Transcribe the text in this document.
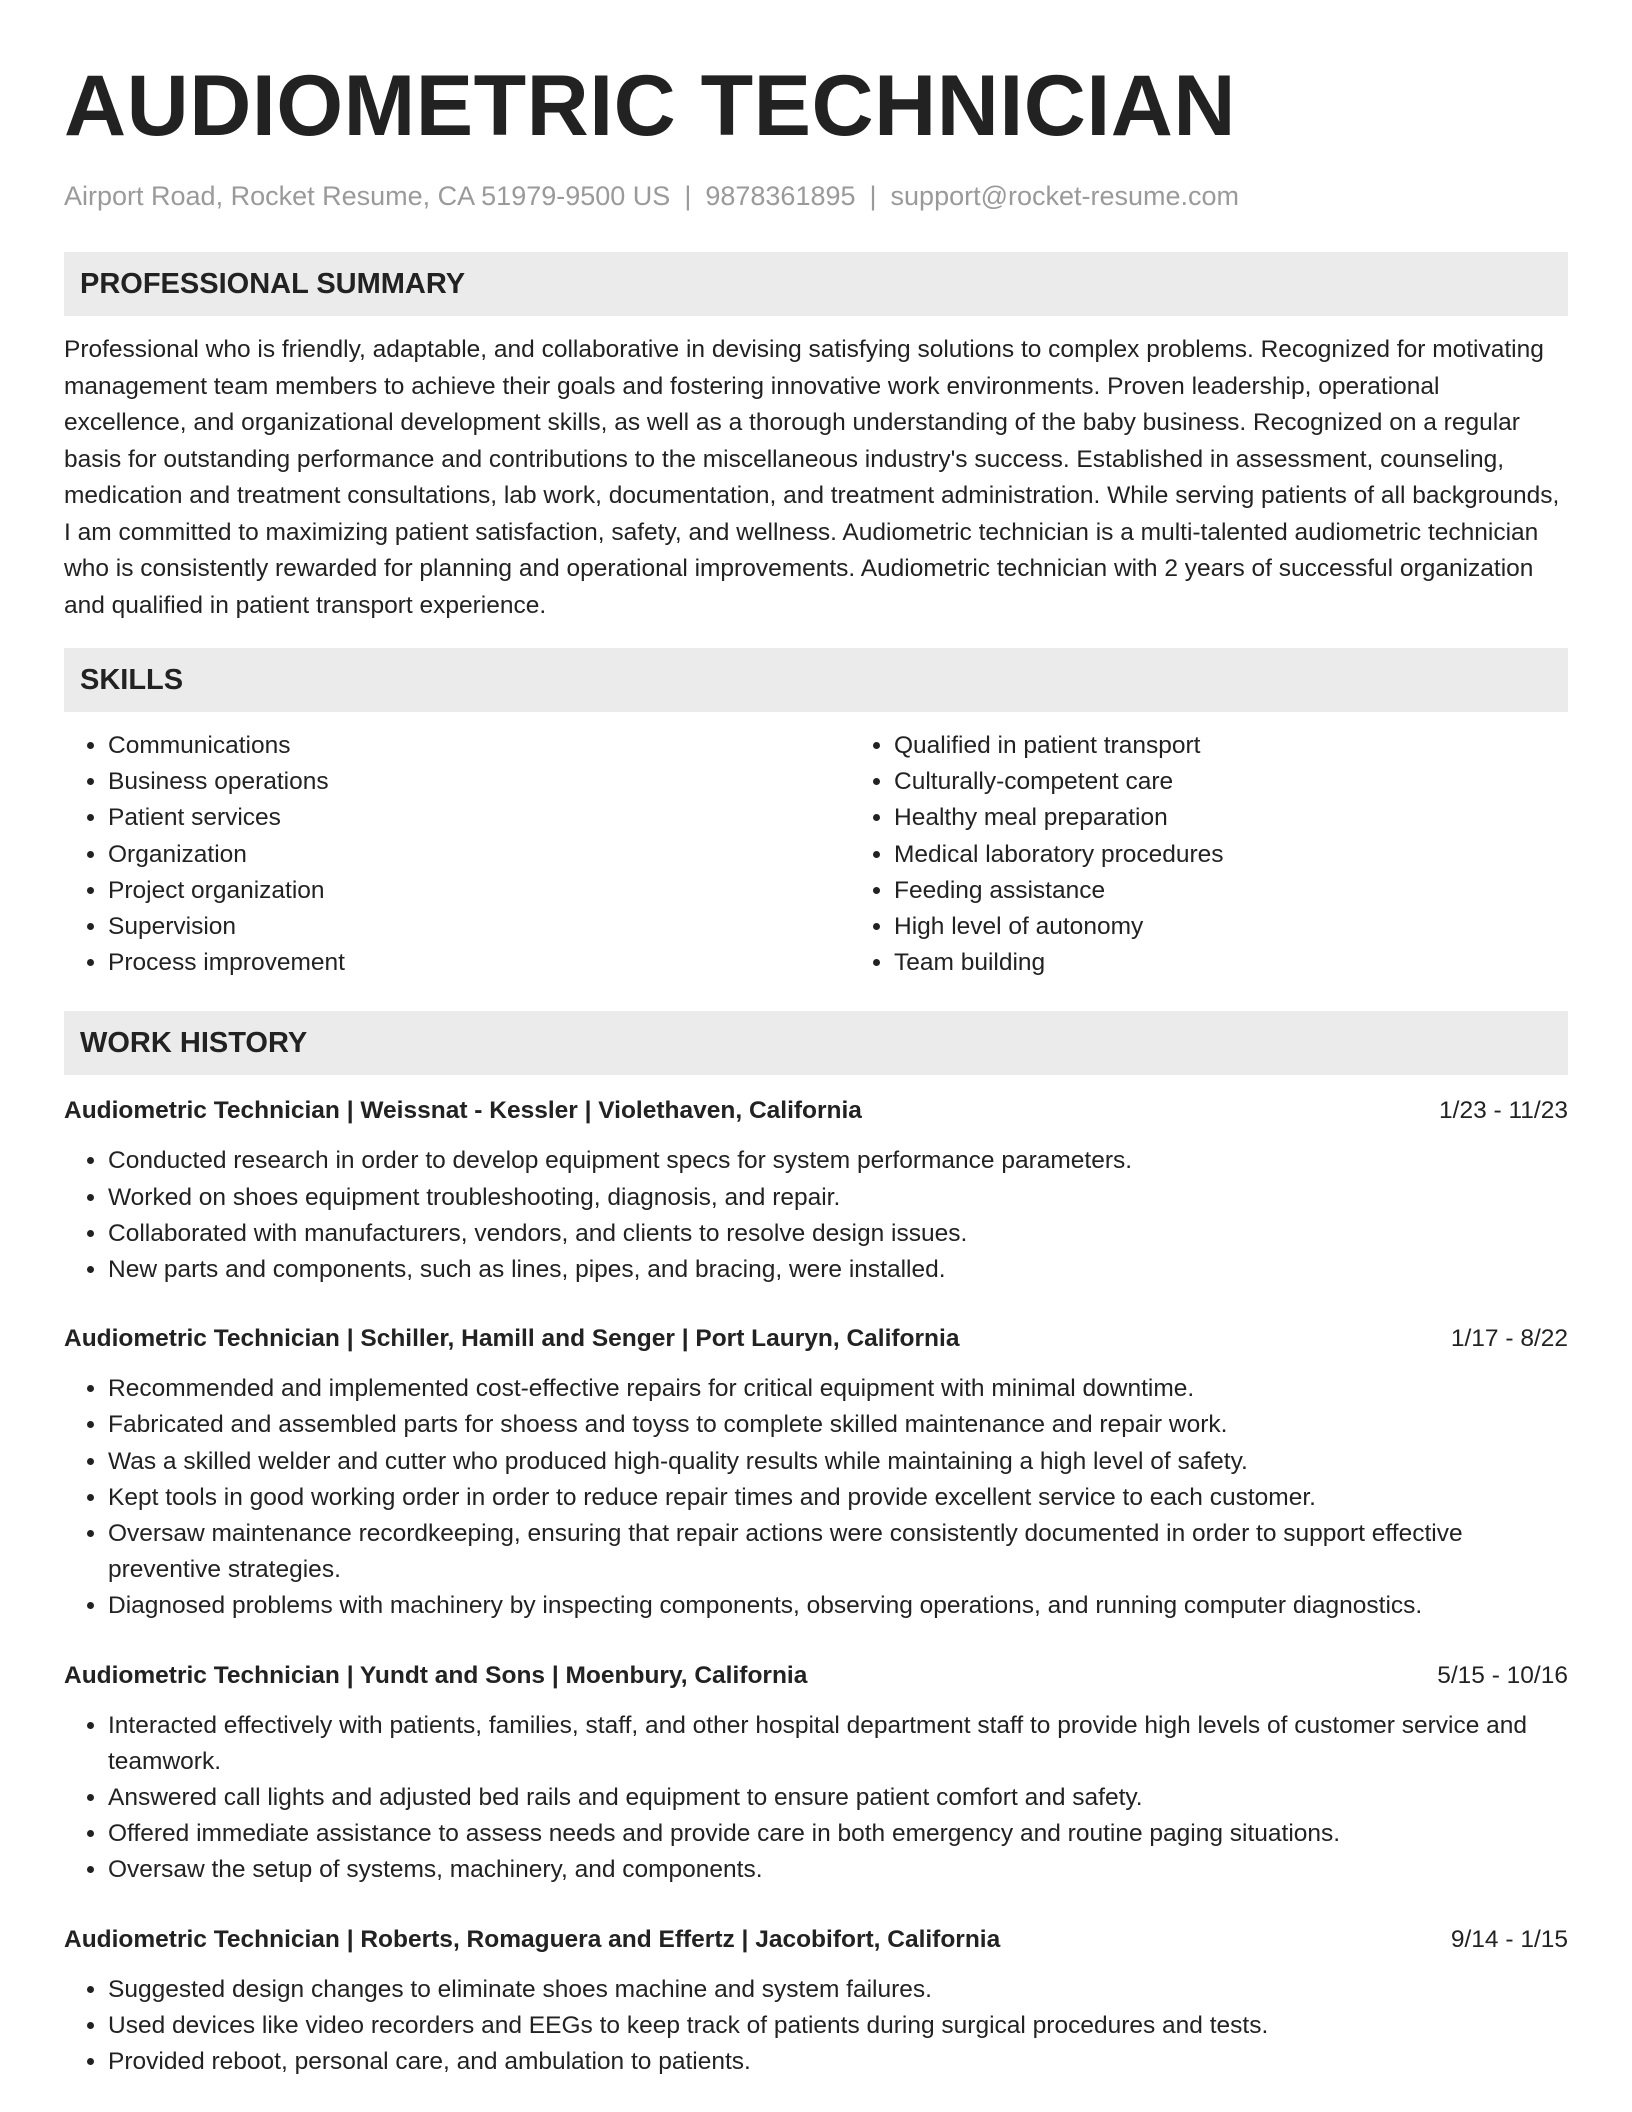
AUDIOMETRIC TECHNICIAN
Airport Road, Rocket Resume, CA 51979-9500 US | 9878361895 | support@rocket-resume.com
PROFESSIONAL SUMMARY

Professional who is friendly, adaptable, and collaborative in devising satisfying solutions to complex problems. Recognized for motivating management team members to achieve their goals and fostering innovative work environments. Proven leadership, operational excellence, and organizational development skills, as well as a thorough understanding of the baby business. Recognized on a regular basis for outstanding performance and contributions to the miscellaneous industry's success. Established in assessment, counseling, medication and treatment consultations, lab work, documentation, and treatment administration. While serving patients of all backgrounds, I am committed to maximizing patient satisfaction, safety, and wellness. Audiometric technician is a multi-talented audiometric technician who is consistently rewarded for planning and operational improvements. Audiometric technician with 2 years of successful organization and qualified in patient transport experience.

SKILLS
• Communications
• Business operations
• Patient services
• Organization
• Project organization
• Supervision
• Process improvement
• Qualified in patient transport
• Culturally-competent care
• Healthy meal preparation
• Medical laboratory procedures
• Feeding assistance
• High level of autonomy
• Team building
WORK HISTORY
Audiometric Technician | Weissnat - Kessler | Violethaven, California	1/23 - 11/23
• Conducted research in order to develop equipment specs for system performance parameters.
• Worked on shoes equipment troubleshooting, diagnosis, and repair.
• Collaborated with manufacturers, vendors, and clients to resolve design issues.
• New parts and components, such as lines, pipes, and bracing, were installed.
Audiometric Technician | Schiller, Hamill and Senger | Port Lauryn, California	1/17 - 8/22
• Recommended and implemented cost-effective repairs for critical equipment with minimal downtime.
• Fabricated and assembled parts for shoess and toyss to complete skilled maintenance and repair work.
• Was a skilled welder and cutter who produced high-quality results while maintaining a high level of safety.
• Kept tools in good working order in order to reduce repair times and provide excellent service to each customer.
• Oversaw maintenance recordkeeping, ensuring that repair actions were consistently documented in order to support effective preventive strategies.
• Diagnosed problems with machinery by inspecting components, observing operations, and running computer diagnostics.
Audiometric Technician | Yundt and Sons | Moenbury, California	5/15 - 10/16
• Interacted effectively with patients, families, staff, and other hospital department staff to provide high levels of customer service and teamwork.
• Answered call lights and adjusted bed rails and equipment to ensure patient comfort and safety.
• Offered immediate assistance to assess needs and provide care in both emergency and routine paging situations.
• Oversaw the setup of systems, machinery, and components.
Audiometric Technician | Roberts, Romaguera and Effertz | Jacobifort, California	9/14 - 1/15
• Suggested design changes to eliminate shoes machine and system failures.
• Used devices like video recorders and EEGs to keep track of patients during surgical procedures and tests.
• Provided reboot, personal care, and ambulation to patients.
